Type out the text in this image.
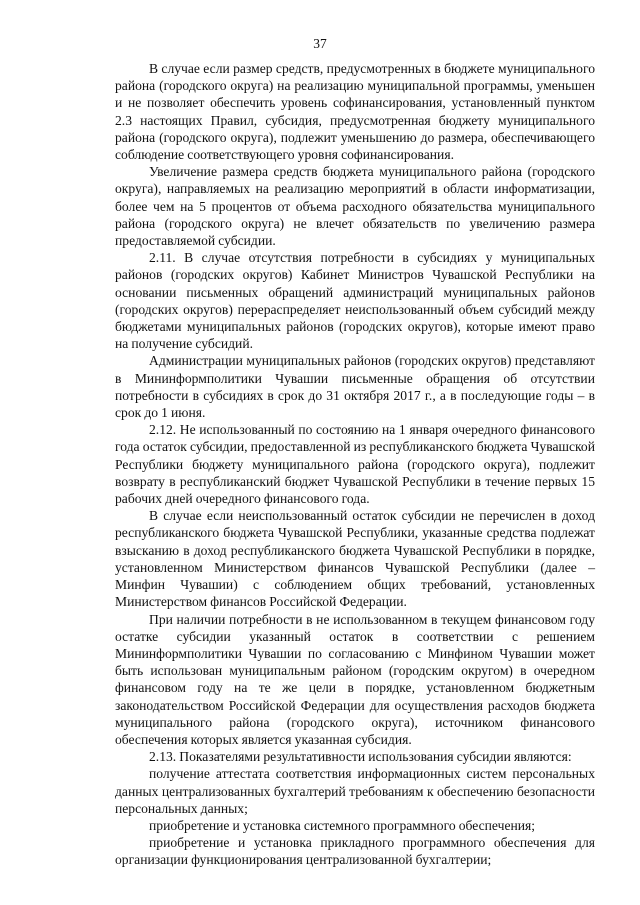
37

В случае если размер средств, предусмотренных в бюджете муниципального района (городского округа) на реализацию муниципальной программы, уменьшен и не позволяет обеспечить уровень софинансирования, установленный пунктом 2.3 настоящих Правил, субсидия, предусмотренная бюджету муниципального района (городского округа), подлежит уменьшению до размера, обеспечивающего соблюдение соответствующего уровня софинансирования.

Увеличение размера средств бюджета муниципального района (городского округа), направляемых на реализацию мероприятий в области информатизации, более чем на 5 процентов от объема расходного обязательства муниципального района (городского округа) не влечет обязательств по увеличению размера предоставляемой субсидии.

2.11. В случае отсутствия потребности в субсидиях у муниципальных районов (городских округов) Кабинет Министров Чувашской Республики на основании письменных обращений администраций муниципальных районов (городских округов) перераспределяет неиспользованный объем субсидий между бюджетами муниципальных районов (городских округов), которые имеют право на получение субсидий.

Администрации муниципальных районов (городских округов) представляют в Мининформполитики Чувашии письменные обращения об отсутствии потребности в субсидиях в срок до 31 октября 2017 г., а в последующие годы – в срок до 1 июня.

2.12. Не использованный по состоянию на 1 января очередного финансового года остаток субсидии, предоставленной из республиканского бюджета Чувашской Республики бюджету муниципального района (городского округа), подлежит возврату в республиканский бюджет Чувашской Республики в течение первых 15 рабочих дней очередного финансового года.

В случае если неиспользованный остаток субсидии не перечислен в доход республиканского бюджета Чувашской Республики, указанные средства подлежат взысканию в доход республиканского бюджета Чувашской Республики в порядке, установленном Министерством финансов Чувашской Республики (далее – Минфин Чувашии) с соблюдением общих требований, установленных Министерством финансов Российской Федерации.

При наличии потребности в не использованном в текущем финансовом году остатке субсидии указанный остаток в соответствии с решением Мининформполитики Чувашии по согласованию с Минфином Чувашии может быть использован муниципальным районом (городским округом) в очередном финансовом году на те же цели в порядке, установленном бюджетным законодательством Российской Федерации для осуществления расходов бюджета муниципального района (городского округа), источником финансового обеспечения которых является указанная субсидия.

2.13. Показателями результативности использования субсидии являются:

получение аттестата соответствия информационных систем персональных данных централизованных бухгалтерий требованиям к обеспечению безопасности персональных данных;

приобретение и установка системного программного обеспечения;

приобретение и установка прикладного программного обеспечения для организации функционирования централизованной бухгалтерии;
